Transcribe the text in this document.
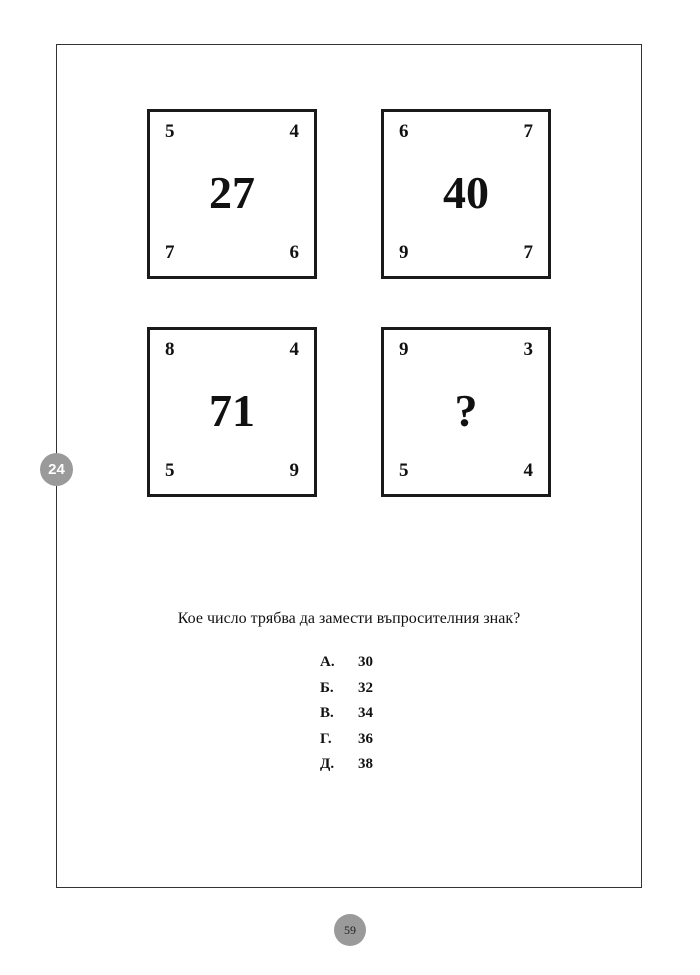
5	4
27
7	6
6	7
40
9	7
8	4
71
5	9
9	3
?
5	4
24
Кое число трябва да замести въпросителния знак?
А. 30
Б. 32
В. 34
Г. 36
Д. 38
59
